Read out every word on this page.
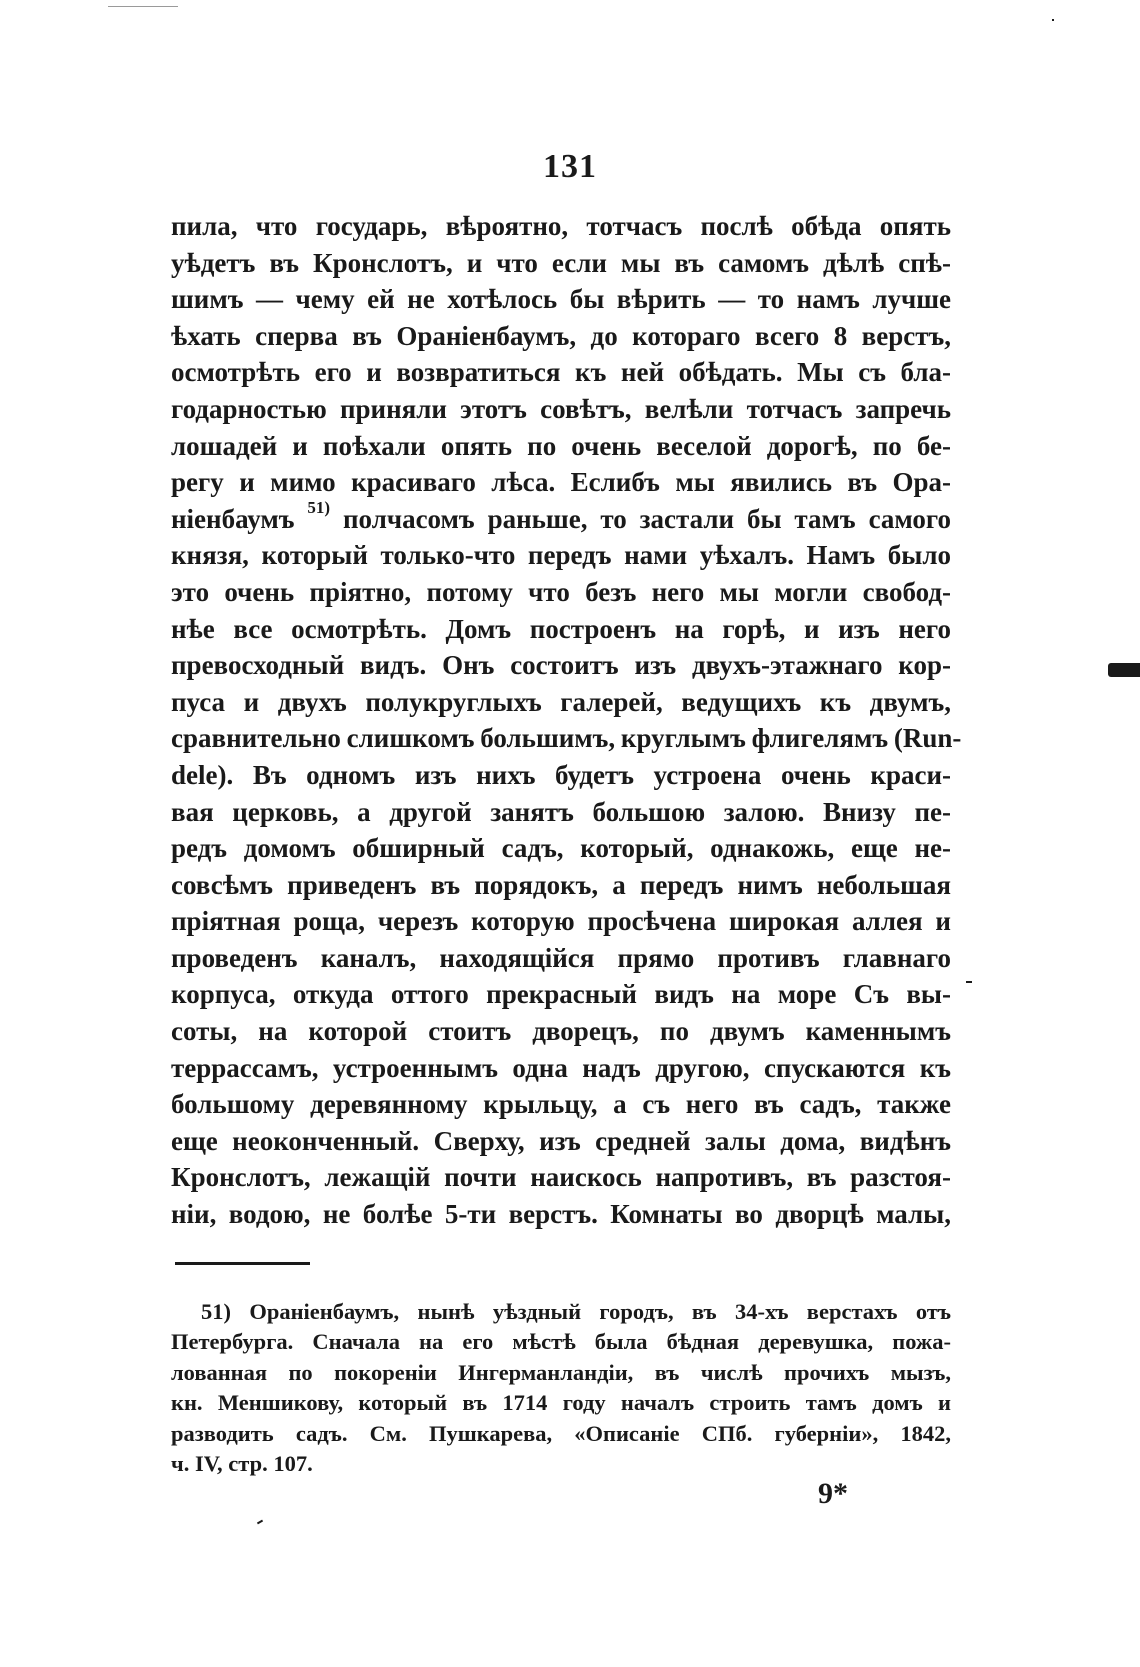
131
пила, что государь, вѣроятно, тотчасъ послѣ обѣда опять
уѣдетъ въ Кронслотъ, и что если мы въ самомъ дѣлѣ спѣ-
шимъ — чему ей не хотѣлось бы вѣрить — то намъ лучше
ѣхать сперва въ Ораніенбаумъ, до котораго всего 8 верстъ,
осмотрѣть его и возвратиться къ ней обѣдать. Мы съ бла-
годарностью приняли этотъ совѣтъ, велѣли тотчасъ запречь
лошадей и поѣхали опять по очень веселой дорогѣ, по бе-
регу и мимо красиваго лѣса. Еслибъ мы явились въ Ора-
ніенбаумъ $^{51)}$ полчасомъ раньше, то застали бы тамъ самого
князя, который только-что передъ нами уѣхалъ. Намъ было
это очень пріятно, потому что безъ него мы могли свобод-
нѣе все осмотрѣть. Домъ построенъ на горѣ, и изъ него
превосходный видъ. Онъ состоитъ изъ двухъ-этажнаго кор-
пуса и двухъ полукруглыхъ галерей, ведущихъ къ двумъ,
сравнительно слишкомъ большимъ, круглымъ флигелямъ (Run-
dele). Въ одномъ изъ нихъ будетъ устроена очень краси-
вая церковь, а другой занятъ большою залою. Внизу пе-
редъ домомъ обширный садъ, который, однакожь, еще не-
совсѣмъ приведенъ въ порядокъ, а передъ нимъ небольшая
пріятная роща, черезъ которую просѣчена широкая аллея и
проведенъ каналъ, находящійся прямо противъ главнаго
корпуса, откуда оттого прекрасный видъ на море Съ вы-
соты, на которой стоитъ дворецъ, по двумъ каменнымъ
террассамъ, устроеннымъ одна надъ другою, спускаются къ
большому деревянному крыльцу, а съ него въ садъ, также
еще неоконченный. Сверху, изъ средней залы дома, видѣнъ
Кронслотъ, лежащій почти наискось напротивъ, въ разстоя-
ніи, водою, не болѣе 5-ти верстъ. Комнаты во дворцѣ малы,
51) Ораніенбаумъ, нынѣ уѣздный городъ, въ 34-хъ верстахъ отъ
Петербурга. Сначала на его мѣстѣ была бѣдная деревушка, пожа-
лованная по покореніи Ингерманландіи, въ числѣ прочихъ мызъ,
кн. Меншикову, который въ 1714 году началъ строить тамъ домъ и
разводить садъ. См. Пушкарева, «Описаніе СПб. губерніи», 1842,
ч. IV, стр. 107.
9*
